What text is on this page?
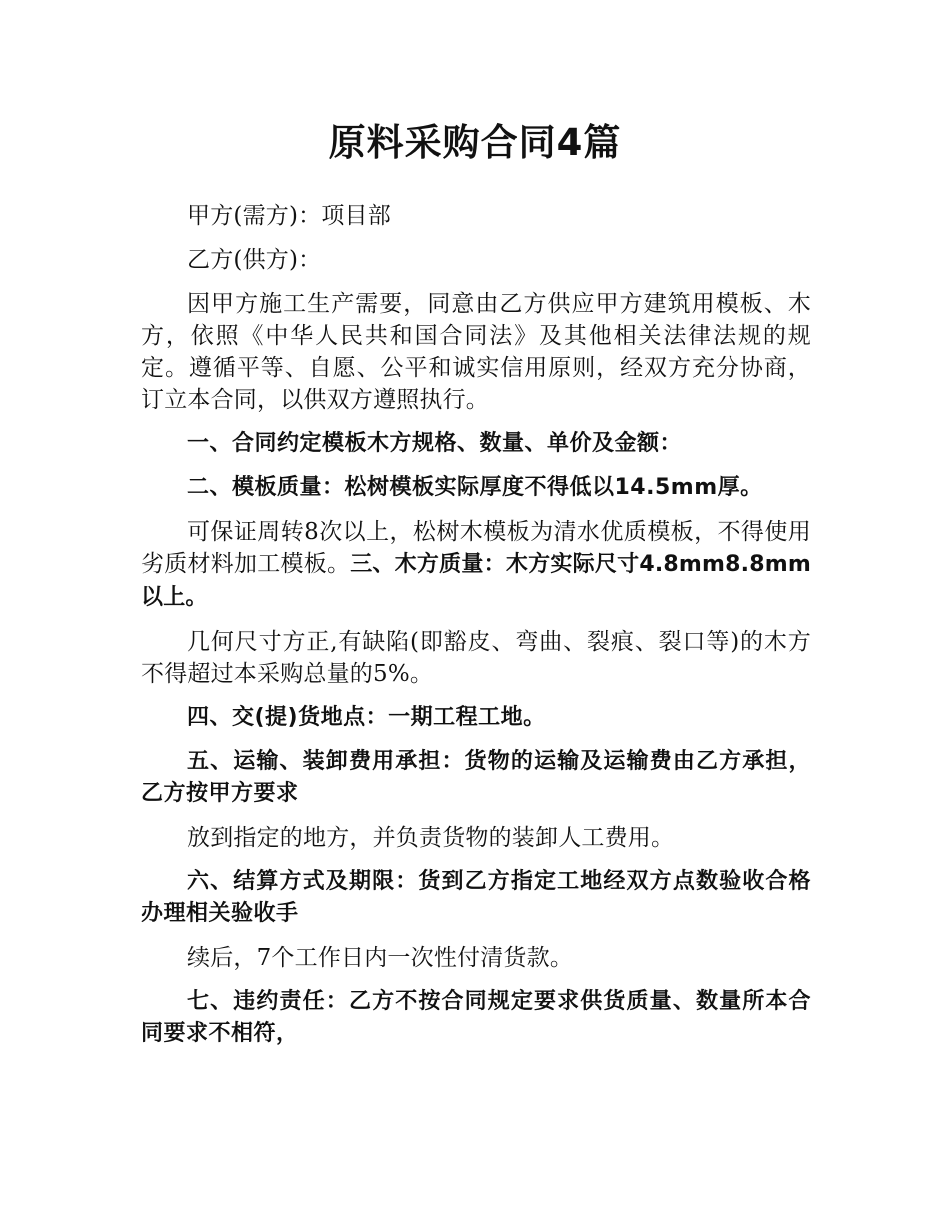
原料采购合同4篇

甲方(需方)：项目部

乙方(供方)：

因甲方施工生产需要，同意由乙方供应甲方建筑用模板、木方，依照《中华人民共和国合同法》及其他相关法律法规的规定。遵循平等、自愿、公平和诚实信用原则，经双方充分协商，订立本合同，以供双方遵照执行。

一、合同约定模板木方规格、数量、单价及金额：

二、模板质量：松树模板实际厚度不得低以14.5mm厚。

可保证周转8次以上，松树木模板为清水优质模板，不得使用劣质材料加工模板。三、木方质量：木方实际尺寸4.8mm8.8mm以上。

几何尺寸方正,有缺陷(即豁皮、弯曲、裂痕、裂口等)的木方不得超过本采购总量的5%。

四、交(提)货地点：一期工程工地。

五、运输、装卸费用承担：货物的运输及运输费由乙方承担，乙方按甲方要求

放到指定的地方，并负责货物的装卸人工费用。

六、结算方式及期限：货到乙方指定工地经双方点数验收合格办理相关验收手

续后，7个工作日内一次性付清货款。

七、违约责任：乙方不按合同规定要求供货质量、数量所本合同要求不相符，
